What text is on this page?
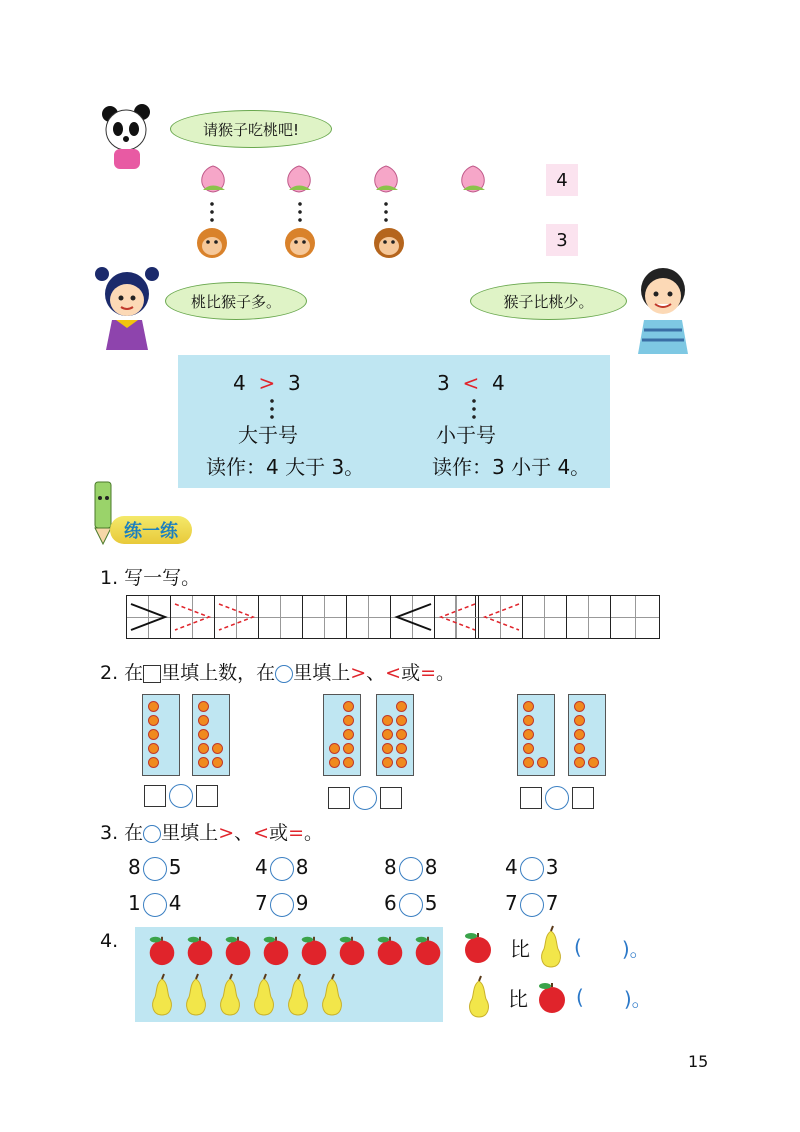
请猴子吃桃吧!
4
3
桃比猴子多。	猴子比桃少。
4 > 3
大于号
读作：4 大于 3。
3 < 4
小于号
读作：3 小于 4。
练一练
1. 写一写。
2. 在 里填上数，在 里填上>、<或=。
3. 在 里填上>、<或=。
8 5	4 8	8 8	4 3
1 4	7 9	6 5	7 7
4.	比 ( )。
比 ( )。
15
